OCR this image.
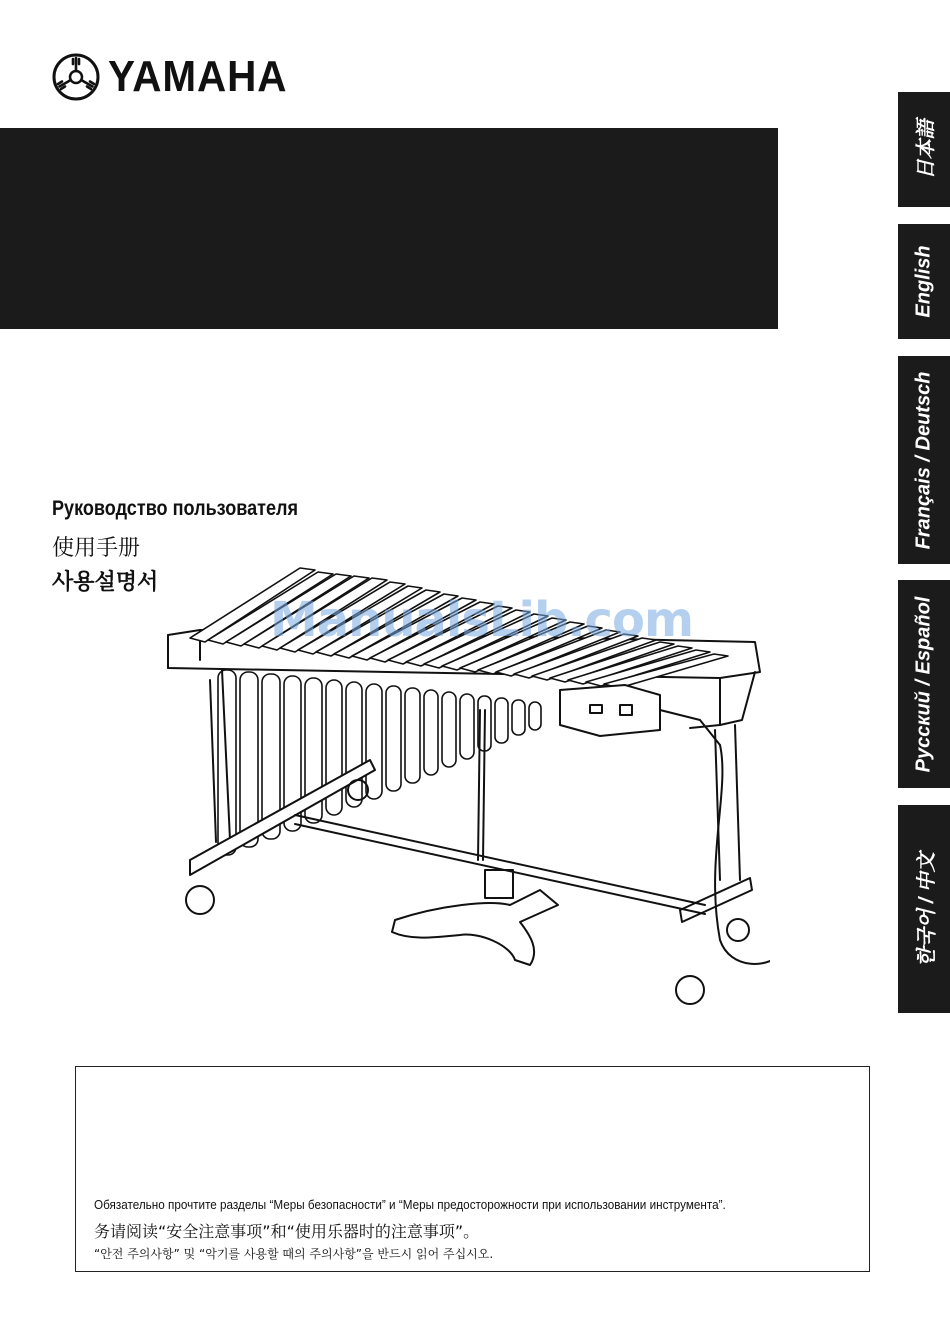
YAMAHA
日本語
English
Français / Deutsch
Русский / Español
한국어 / 中文
Руководство пользователя
使用手册
사용설명서
ManualsLib.com
Обязательно прочтите разделы “Меры безопасности” и “Меры предосторожности при использовании инструмента”.
务请阅读“安全注意事项”和“使用乐器时的注意事项”。
“안전 주의사항” 및 “악기를 사용할 때의 주의사항”을 반드시 읽어 주십시오.
